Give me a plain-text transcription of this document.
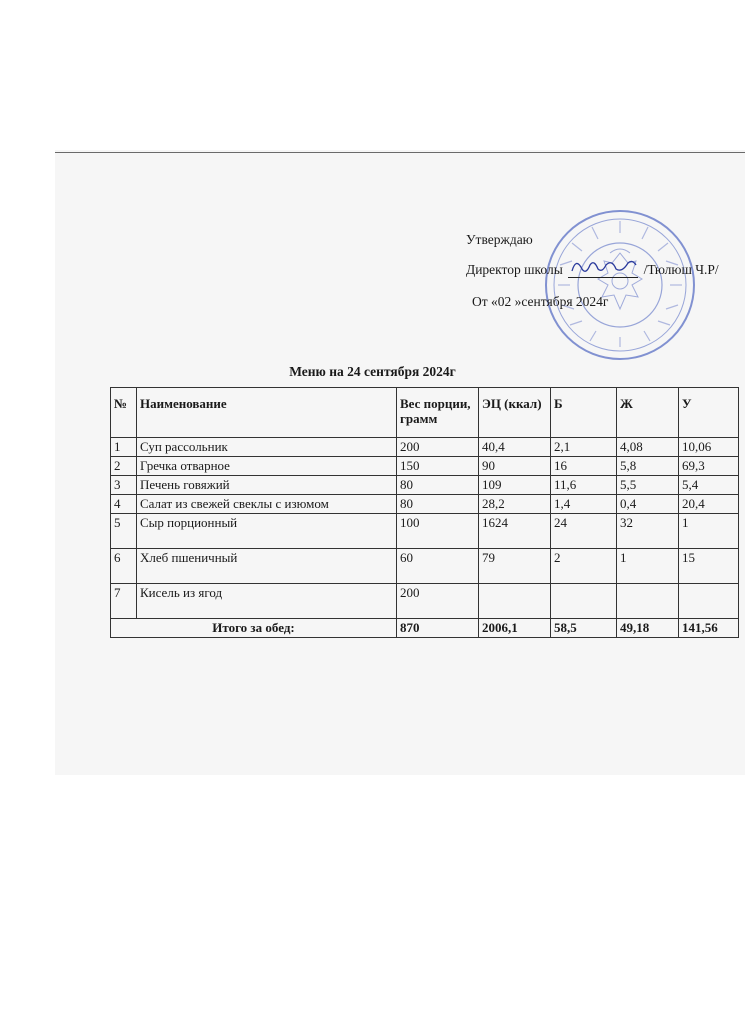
Утверждаю
Директор школы	/Тюлюш Ч.Р/
От «02 »сентября 2024г
Меню на 24 сентября 2024г
№	Наименование	Вес порции, грамм	ЭЦ (ккал)	Б	Ж	У
1	Суп рассольник	200	40,4	2,1	4,08	10,06
2	Гречка отварное	150	90	16	5,8	69,3
3	Печень говяжий	80	109	11,6	5,5	5,4
4	Салат из свежей свеклы с изюмом	80	28,2	1,4	0,4	20,4
5	Сыр порционный	100	1624	24	32	1
6	Хлеб пшеничный	60	79	2	1	15
7	Кисель из ягод	200				
Итого за обед:		870	2006,1	58,5	49,18	141,56
